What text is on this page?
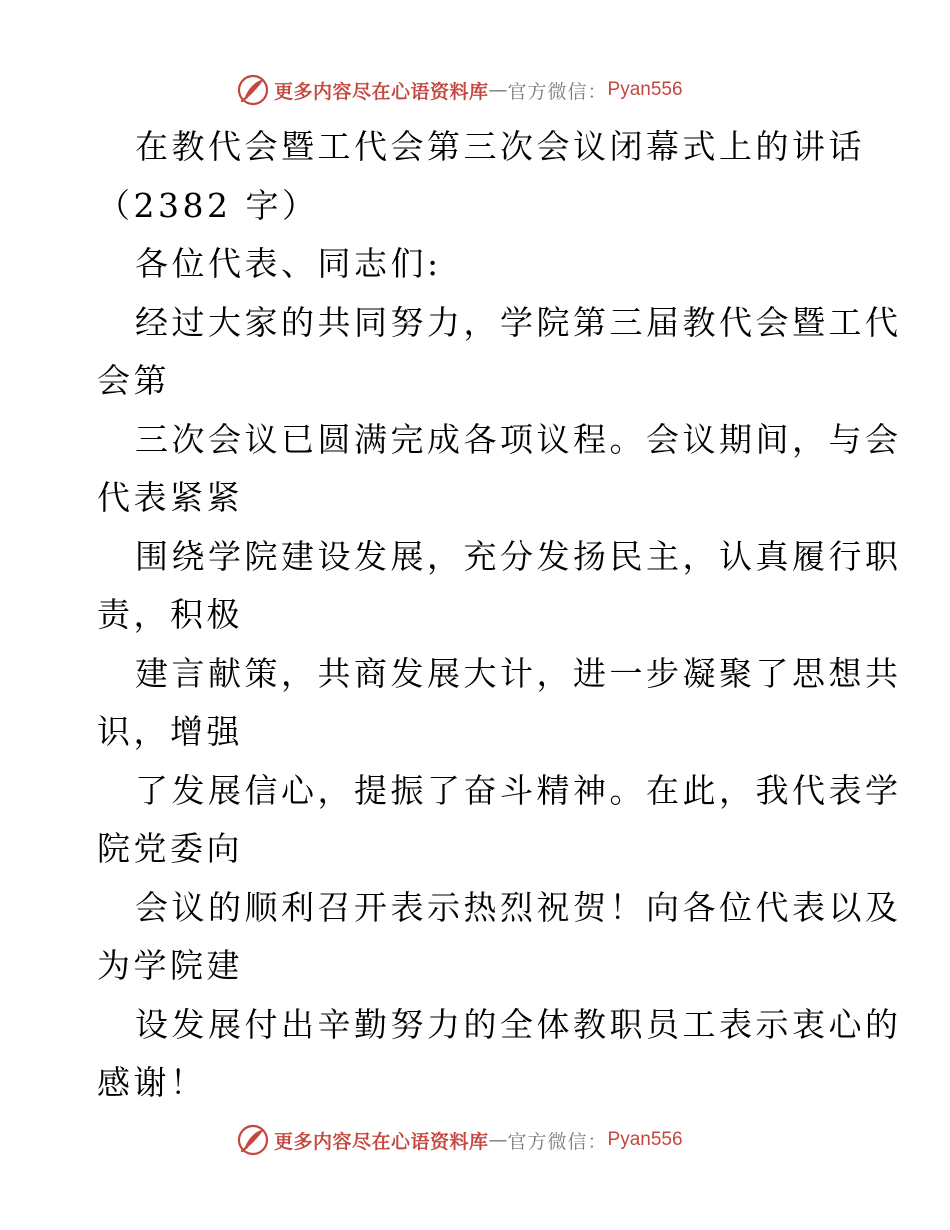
更多内容尽在心语资料库 — 官方微信： Pyan556
在教代会暨工代会第三次会议闭幕式上的讲话
（2382 字）
各位代表、同志们:
经过大家的共同努力，学院第三届教代会暨工代
会第
三次会议已圆满完成各项议程。会议期间，与会
代表紧紧
围绕学院建设发展，充分发扬民主，认真履行职
责，积极
建言献策，共商发展大计，进一步凝聚了思想共
识，增强
了发展信心，提振了奋斗精神。在此，我代表学
院党委向
会议的顺利召开表示热烈祝贺！向各位代表以及
为学院建
设发展付出辛勤努力的全体教职员工表示衷心的
感谢！
更多内容尽在心语资料库 — 官方微信： Pyan556
